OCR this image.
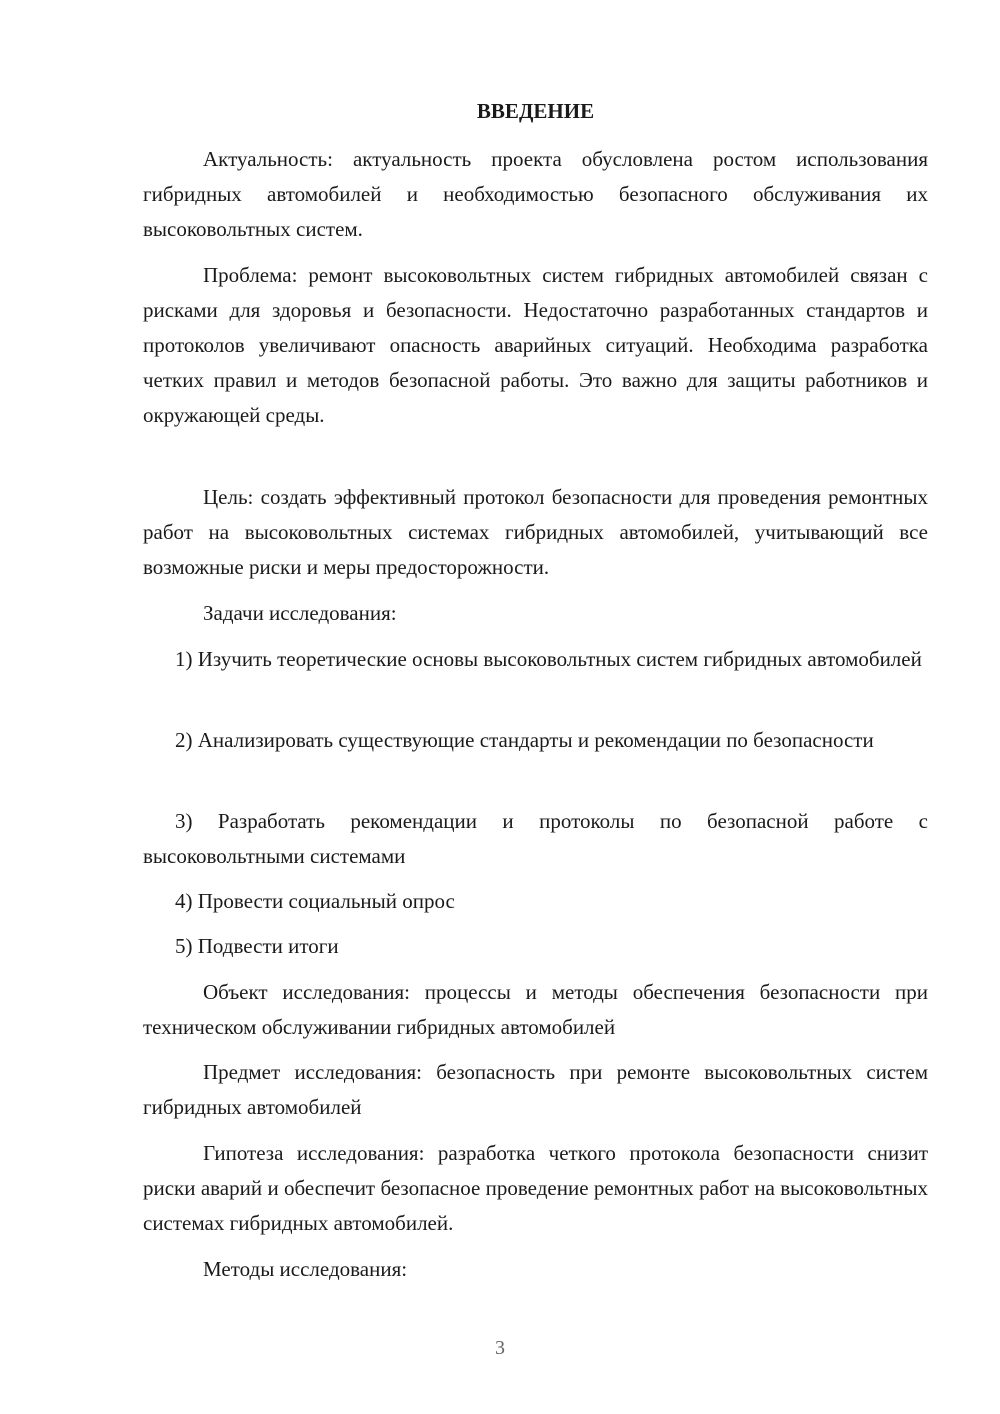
ВВЕДЕНИЕ

Актуальность: актуальность проекта обусловлена ростом использования гибридных автомобилей и необходимостью безопасного обслуживания их высоковольтных систем.

Проблема: ремонт высоковольтных систем гибридных автомобилей связан с рисками для здоровья и безопасности. Недостаточно разработанных стандартов и протоколов увеличивают опасность аварийных ситуаций. Необходима разработка четких правил и методов безопасной работы. Это важно для защиты работников и окружающей среды.

Цель: создать эффективный протокол безопасности для проведения ремонтных работ на высоковольтных системах гибридных автомобилей, учитывающий все возможные риски и меры предосторожности.

Задачи исследования:

1) Изучить теоретические основы высоковольтных систем гибридных автомобилей

2) Анализировать существующие стандарты и рекомендации по безопасности

3) Разработать рекомендации и протоколы по безопасной работе с высоковольтными системами

4) Провести социальный опрос

5) Подвести итоги

Объект исследования: процессы и методы обеспечения безопасности при техническом обслуживании гибридных автомобилей

Предмет исследования: безопасность при ремонте высоковольтных систем гибридных автомобилей

Гипотеза исследования: разработка четкого протокола безопасности снизит риски аварий и обеспечит безопасное проведение ремонтных работ на высоковольтных системах гибридных автомобилей.

Методы исследования:

3
